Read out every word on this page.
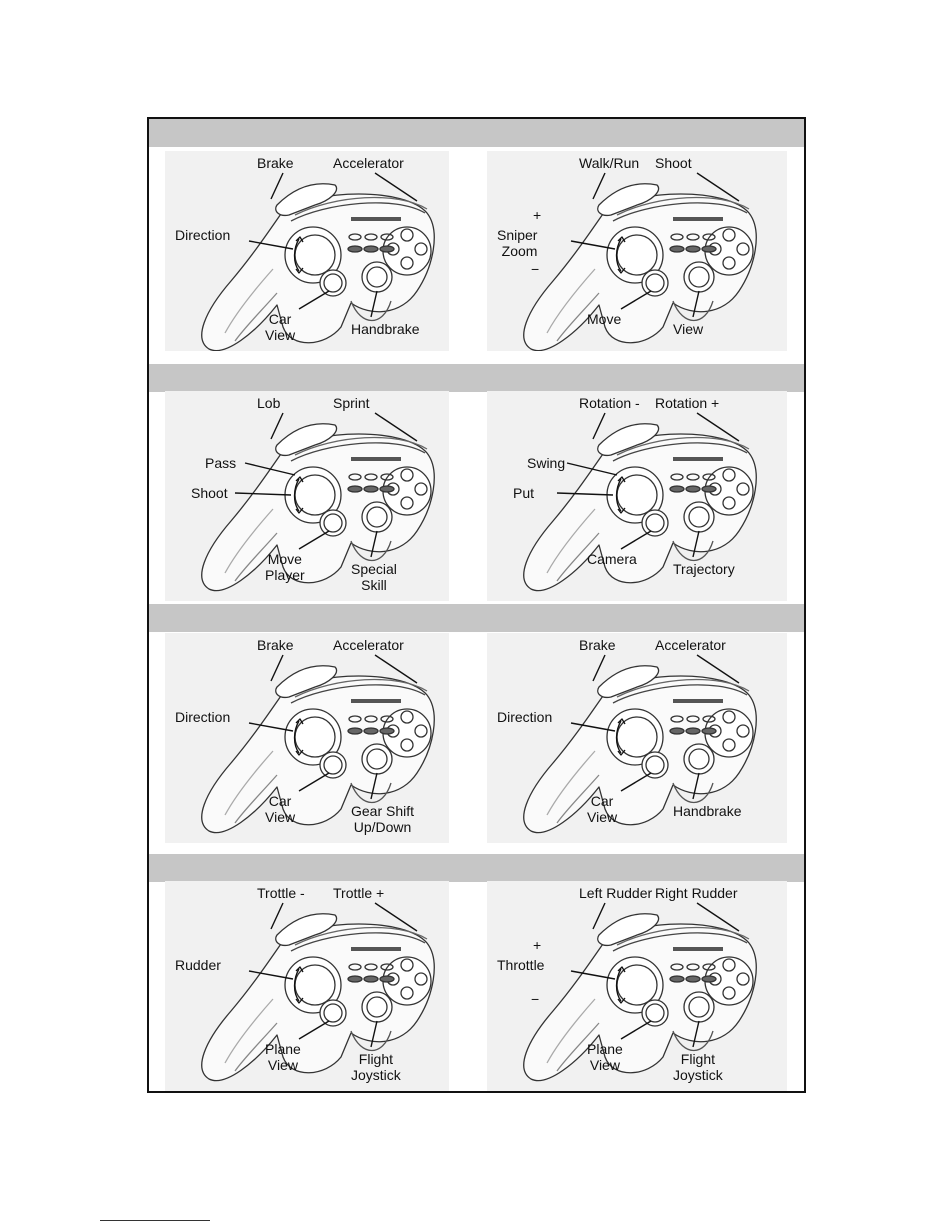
Brake	Accelerator
Direction
Car
View	Handbrake
Walk/Run Shoot
+
Sniper
Zoom
−
Move
View
Lob	Sprint
Pass
Shoot
Move
Player	Special
Skill
Rotation - Rotation +
Swing
Put
Camera
Trajectory
Brake	Accelerator
Direction
Car
View	Gear Shift
Up/Down
Brake	Accelerator
Direction
Car
View	Handbrake
Trottle - Trottle +
Rudder
Plane
View	Flight
Joystick
Left Rudder Right Rudder
+
Throttle
−
Plane
View	Flight
Joystick
